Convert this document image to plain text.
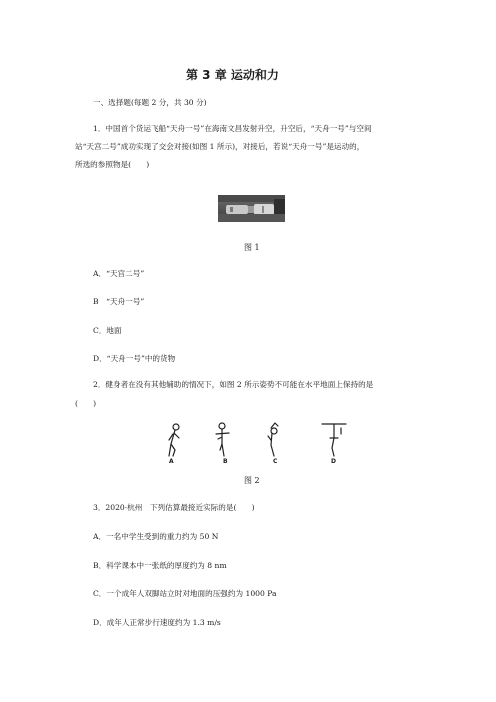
第 3 章 运动和力
一、选择题(每题 2 分，共 30 分)
1．中国首个货运飞船“天舟一号”在海南文昌发射升空，升空后，“天舟一号”与空间
站“天宫二号”成功实现了交会对接(如图 1 所示)，对接后，若说“天舟一号”是运动的，
所选的参照物是(　　)
图 1
A．“天宫二号”
B　“天舟一号”
C．地面
D．“天舟一号”中的货物
2．健身者在没有其他辅助的情况下，如图 2 所示姿势不可能在水平地面上保持的是
(　　)
A	B	C	D
图 2
3．2020·杭州　下列估算最接近实际的是(　　)
A．一名中学生受到的重力约为 50 N
B．科学课本中一张纸的厚度约为 8 nm
C．一个成年人双脚站立时对地面的压强约为 1000 Pa
D．成年人正常步行速度约为 1.3 m/s
